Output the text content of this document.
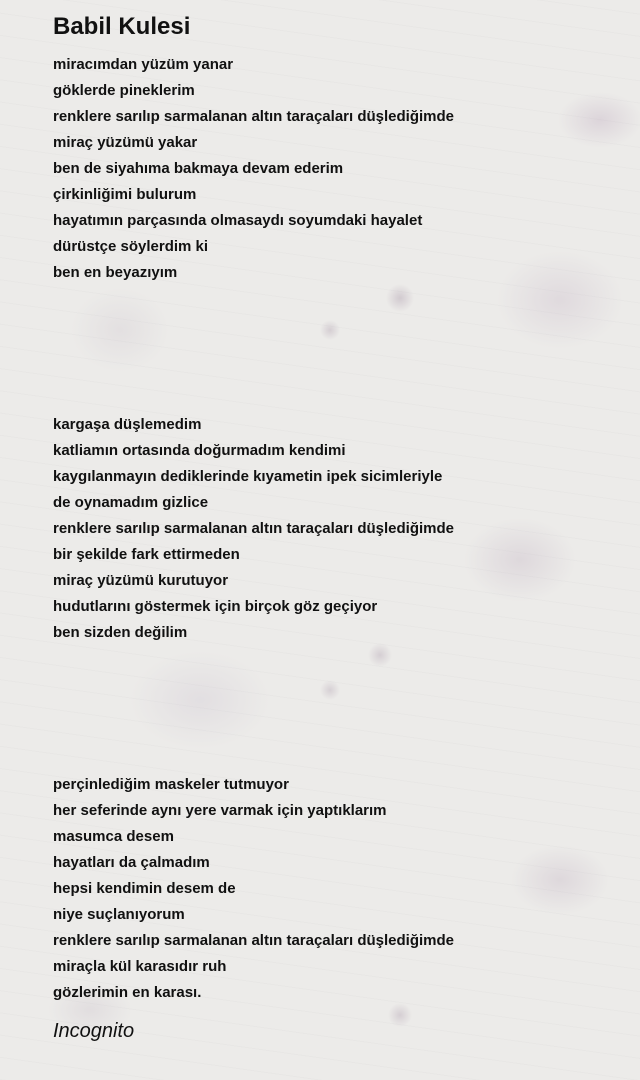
Babil Kulesi
miracımdan yüzüm yanar
göklerde pineklerim
renklere sarılıp sarmalanan altın taraçaları düşlediğimde
miraç yüzümü yakar
ben de siyahıma bakmaya devam ederim
çirkinliğimi bulurum
hayatımın parçasında olmasaydı soyumdaki hayalet
dürüstçe söylerdim ki
ben en beyazıyım
kargaşa düşlemedim
katliamın ortasında doğurmadım kendimi
kaygılanmayın dediklerinde kıyametin ipek sicimleriyle
de oynamadım gizlice
renklere sarılıp sarmalanan altın taraçaları düşlediğimde
bir şekilde fark ettirmeden
miraç yüzümü kurutuyor
hudutlarını göstermek için birçok göz geçiyor
ben sizden değilim
perçinlediğim maskeler tutmuyor
her seferinde aynı yere varmak için yaptıklarım
masumca desem
hayatları da çalmadım
hepsi kendimin desem de
niye suçlanıyorum
renklere sarılıp sarmalanan altın taraçaları düşlediğimde
miraçla kül karasıdır ruh
gözlerimin en karası.
Incognito
